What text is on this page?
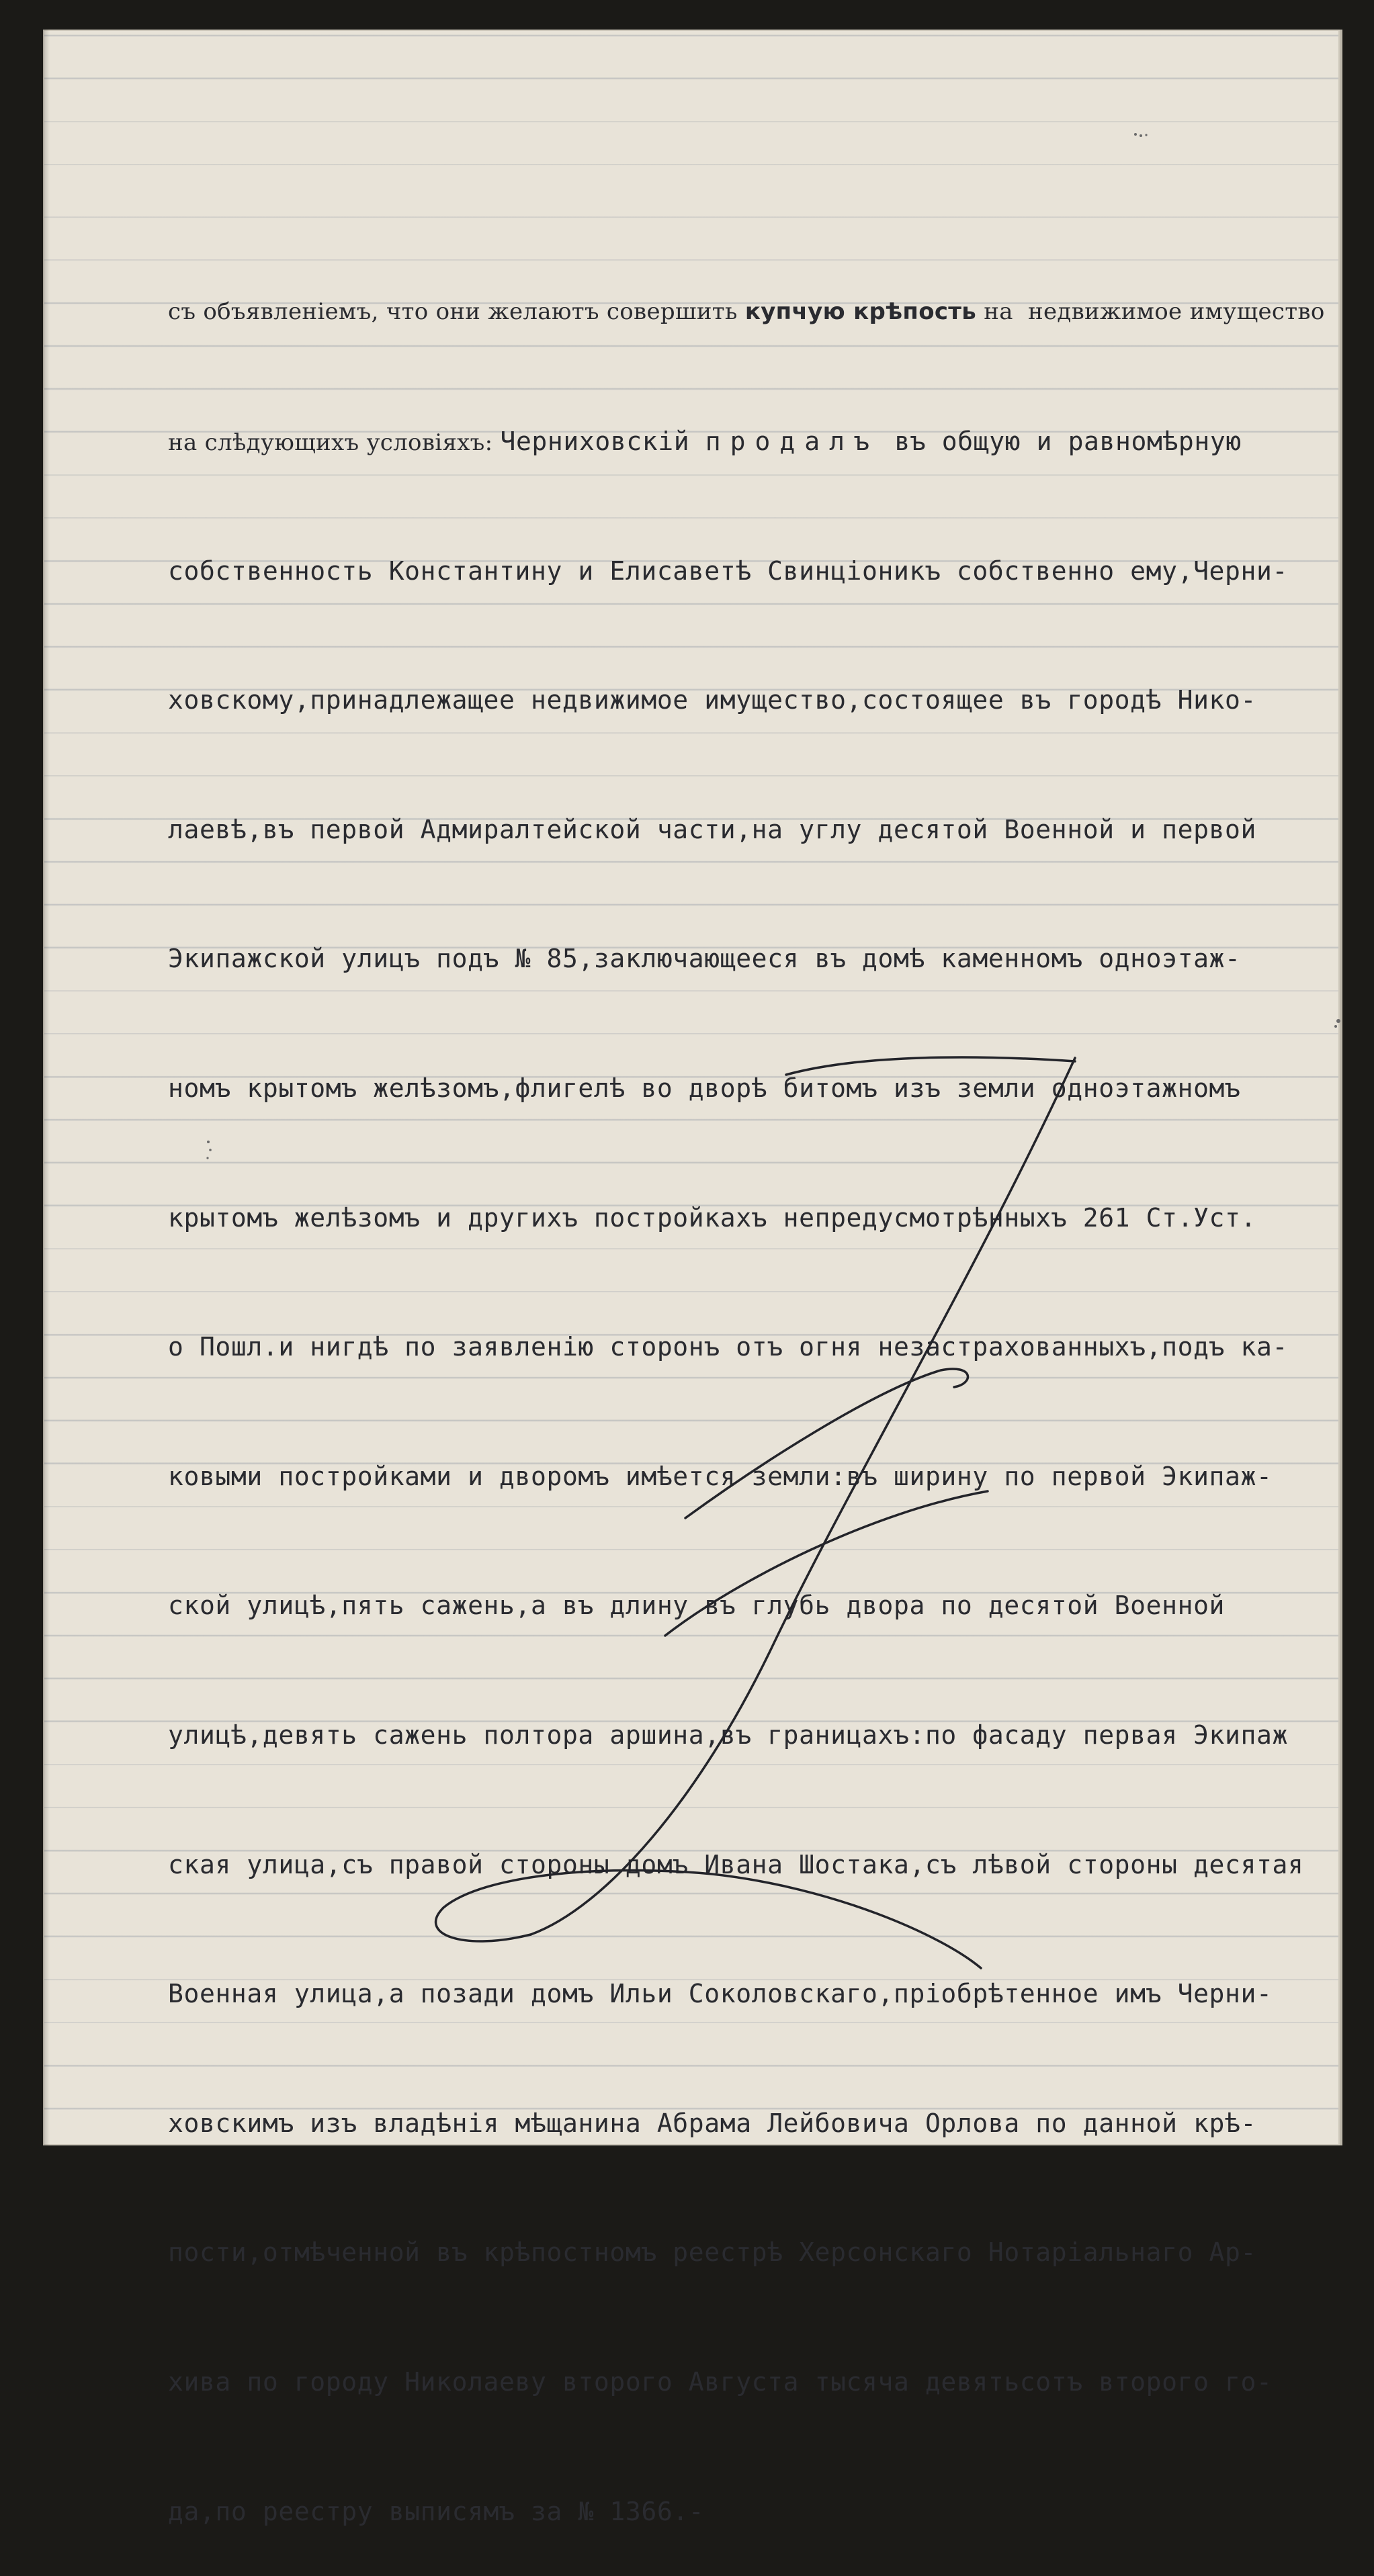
съ объявленіемъ, что они желаютъ совершить купчую крѣпость на  недвижимое имущество

на слѣдующихъ условіяхъ: Черниховскій продалъ въ общую и равномѣрную

собственность Константину и Елисаветѣ Свинціоникъ собственно ему,Черни-

ховскому,принадлежащее недвижимое имущество,состоящее въ городѣ Нико-

лаевѣ,въ первой Адмиралтейской части,на углу десятой Военной и первой

Экипажской улицъ подъ № 85,заключающееся въ домѣ каменномъ одноэтаж-

номъ крытомъ желѣзомъ,флигелѣ во дворѣ битомъ изъ земли одноэтажномъ

крытомъ желѣзомъ и другихъ постройкахъ непредусмотрѣнныхъ 261 Ст.Уст.

о Пошл.и нигдѣ по заявленію сторонъ отъ огня незастрахованныхъ,подъ ка-

ковыми постройками и дворомъ имѣется земли:въ ширину по первой Экипаж-

ской улицѣ,пять сажень,а въ длину въ глубь двора по десятой Военной

улицѣ,девять сажень полтора аршина,въ границахъ:по фасаду первая Экипаж

ская улица,съ правой стороны домъ Ивана Шостака,съ лѣвой стороны десятая

Военная улица,а позади домъ Ильи Соколовскаго,пріобрѣтенное имъ Черни-

ховскимъ изъ владѣнія мѣщанина Абрама Лейбовича Орлова по данной крѣ-

пости,отмѣченной въ крѣпостномъ реестрѣ Херсонскаго Нотаріальнаго Ар-

хива по городу Николаеву второго Августа тысяча девятьсотъ второго го-

да,по реестру выписямъ за № 1366.-
